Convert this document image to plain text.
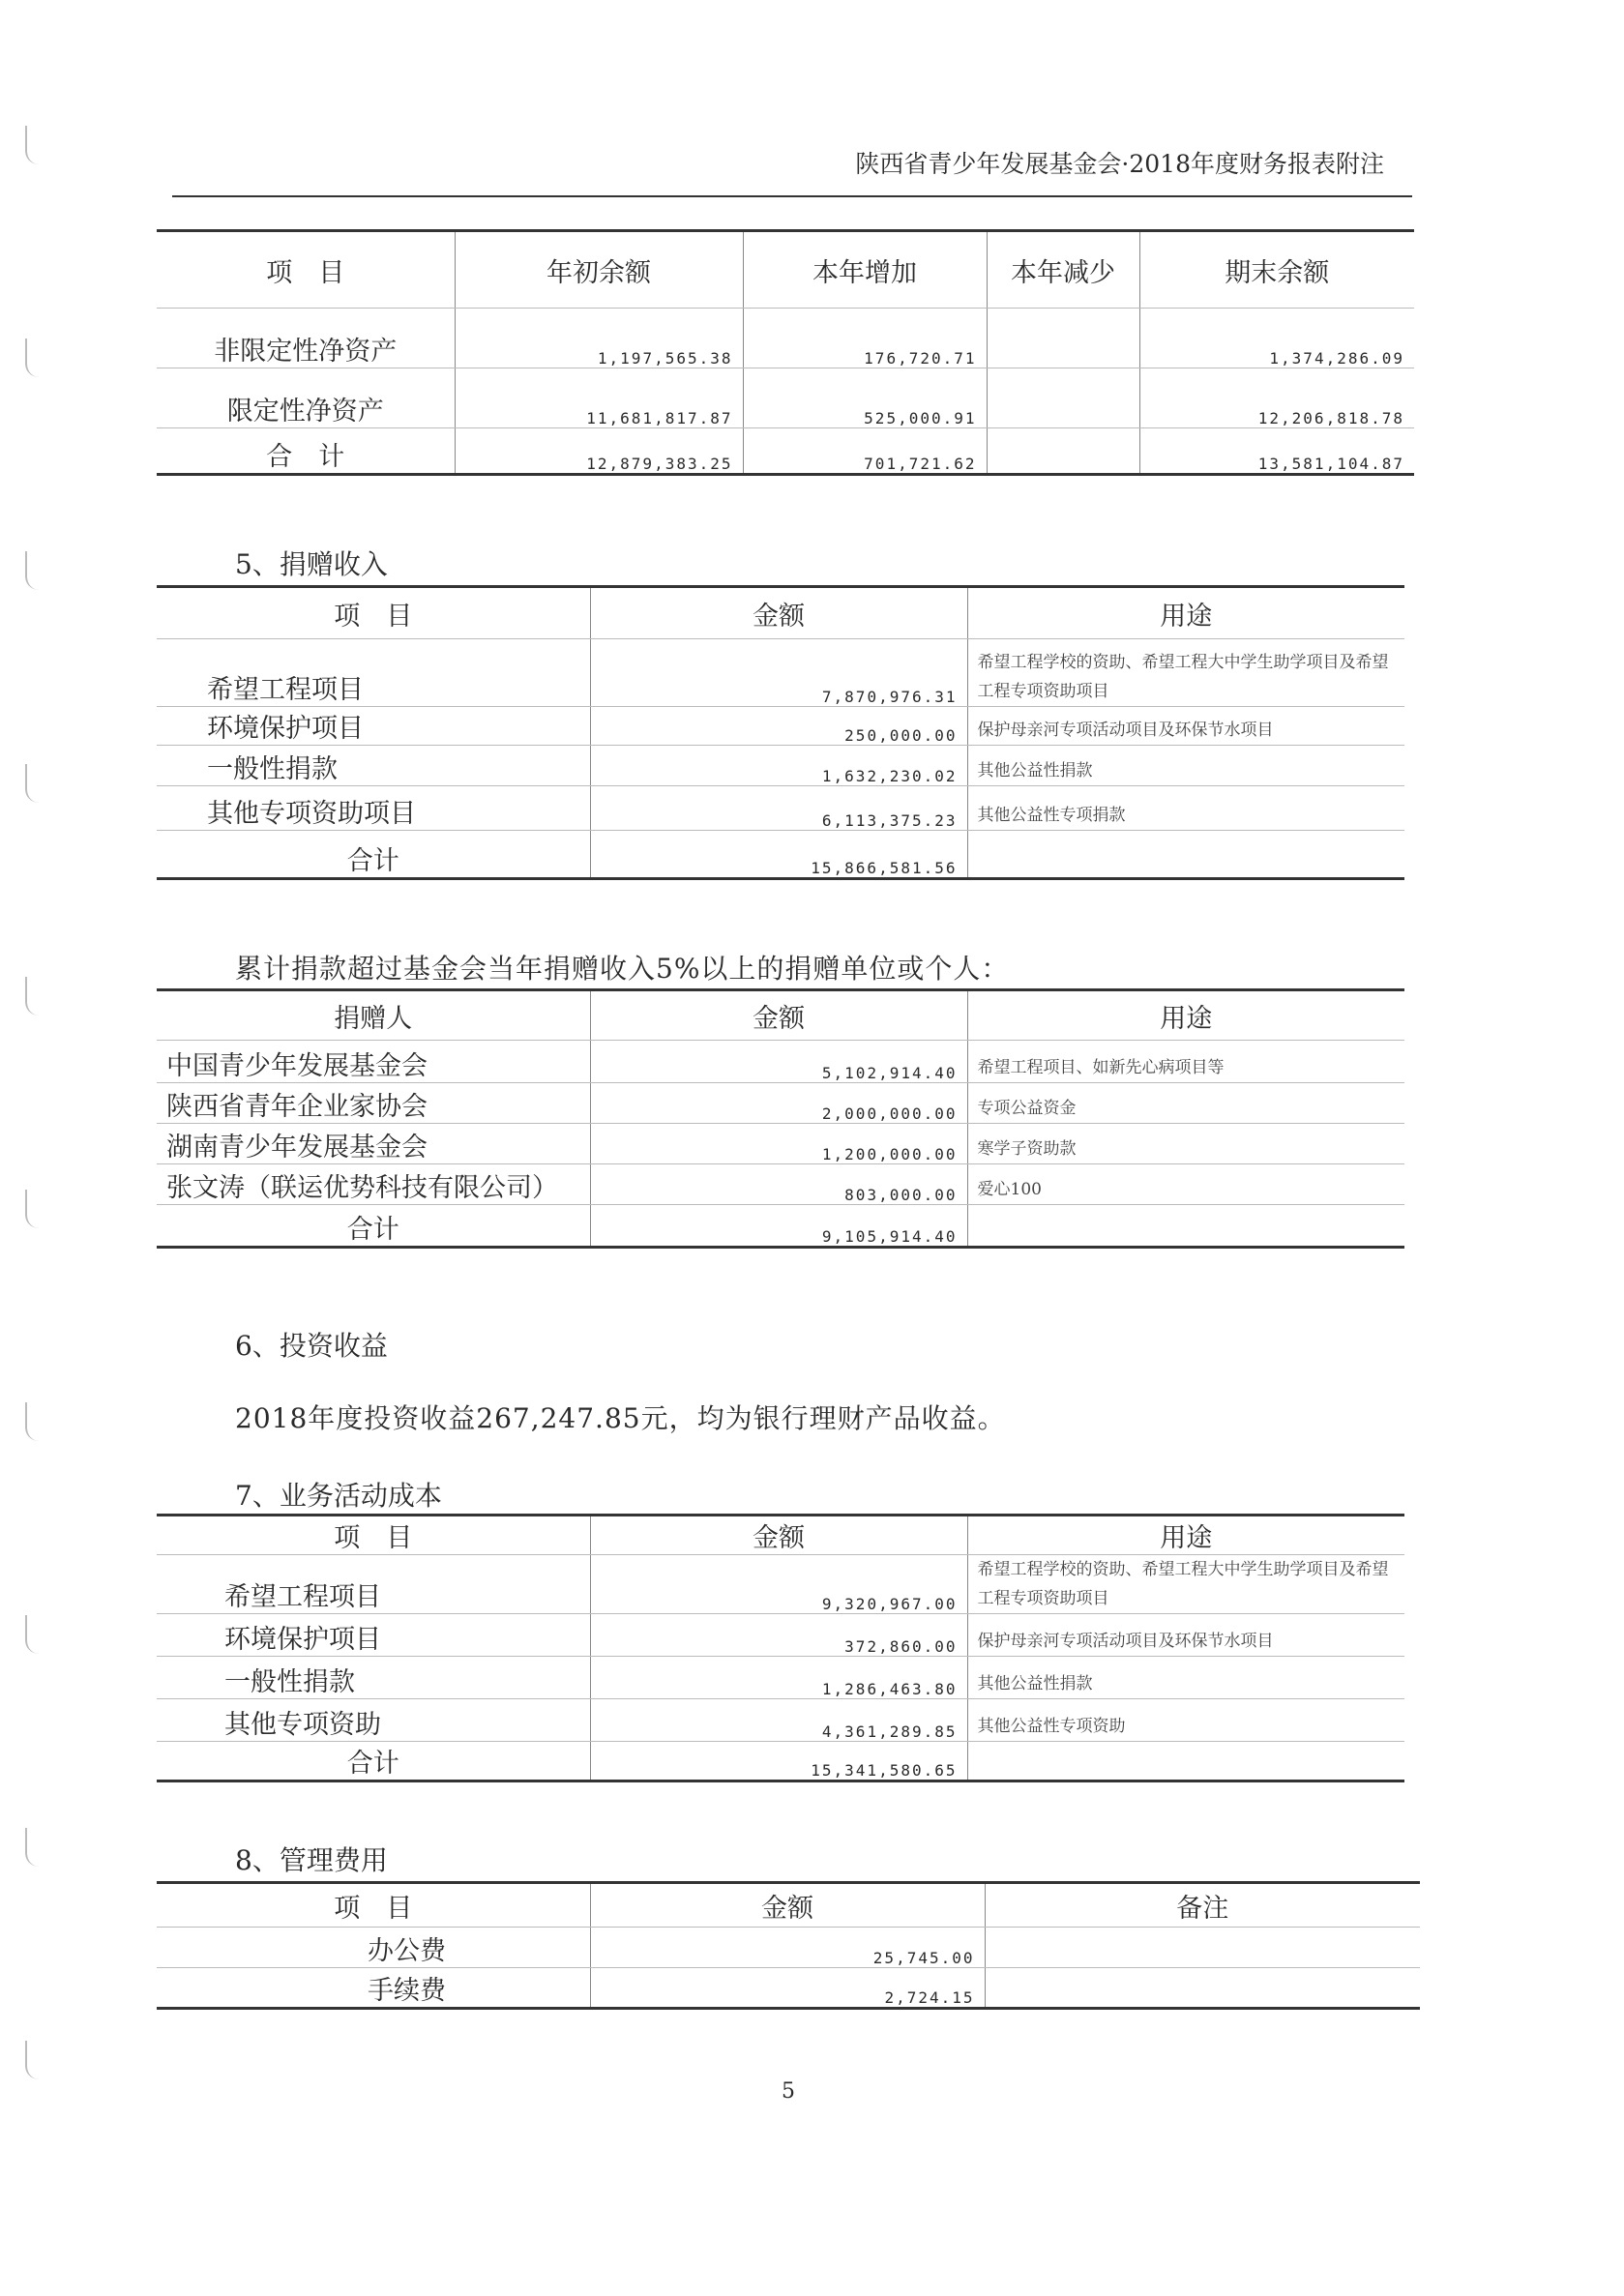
陕西省青少年发展基金会·2018年度财务报表附注
项　目	年初余额	本年增加	本年减少	期末余额
非限定性净资产	1,197,565.38	176,720.71		1,374,286.09
限定性净资产	11,681,817.87	525,000.91		12,206,818.78
合　计	12,879,383.25	701,721.62		13,581,104.87
5、捐赠收入
项　目	金额	用途
希望工程项目	7,870,976.31	希望工程学校的资助、希望工程大中学生助学项目及希望工程专项资助项目
环境保护项目	250,000.00	保护母亲河专项活动项目及环保节水项目
一般性捐款	1,632,230.02	其他公益性捐款
其他专项资助项目	6,113,375.23	其他公益性专项捐款
合计	15,866,581.56	
累计捐款超过基金会当年捐赠收入5%以上的捐赠单位或个人：
捐赠人	金额	用途
中国青少年发展基金会	5,102,914.40	希望工程项目、如新先心病项目等
陕西省青年企业家协会	2,000,000.00	专项公益资金
湖南青少年发展基金会	1,200,000.00	寒学子资助款
张文涛（联运优势科技有限公司）	803,000.00	爱心100
合计	9,105,914.40	
6、投资收益
2018年度投资收益267,247.85元，均为银行理财产品收益。
7、业务活动成本
项　目	金额	用途
希望工程项目	9,320,967.00	希望工程学校的资助、希望工程大中学生助学项目及希望工程专项资助项目
环境保护项目	372,860.00	保护母亲河专项活动项目及环保节水项目
一般性捐款	1,286,463.80	其他公益性捐款
其他专项资助	4,361,289.85	其他公益性专项资助
合计	15,341,580.65	
8、管理费用
项　目	金额	备注
办公费	25,745.00	
手续费	2,724.15	
5
